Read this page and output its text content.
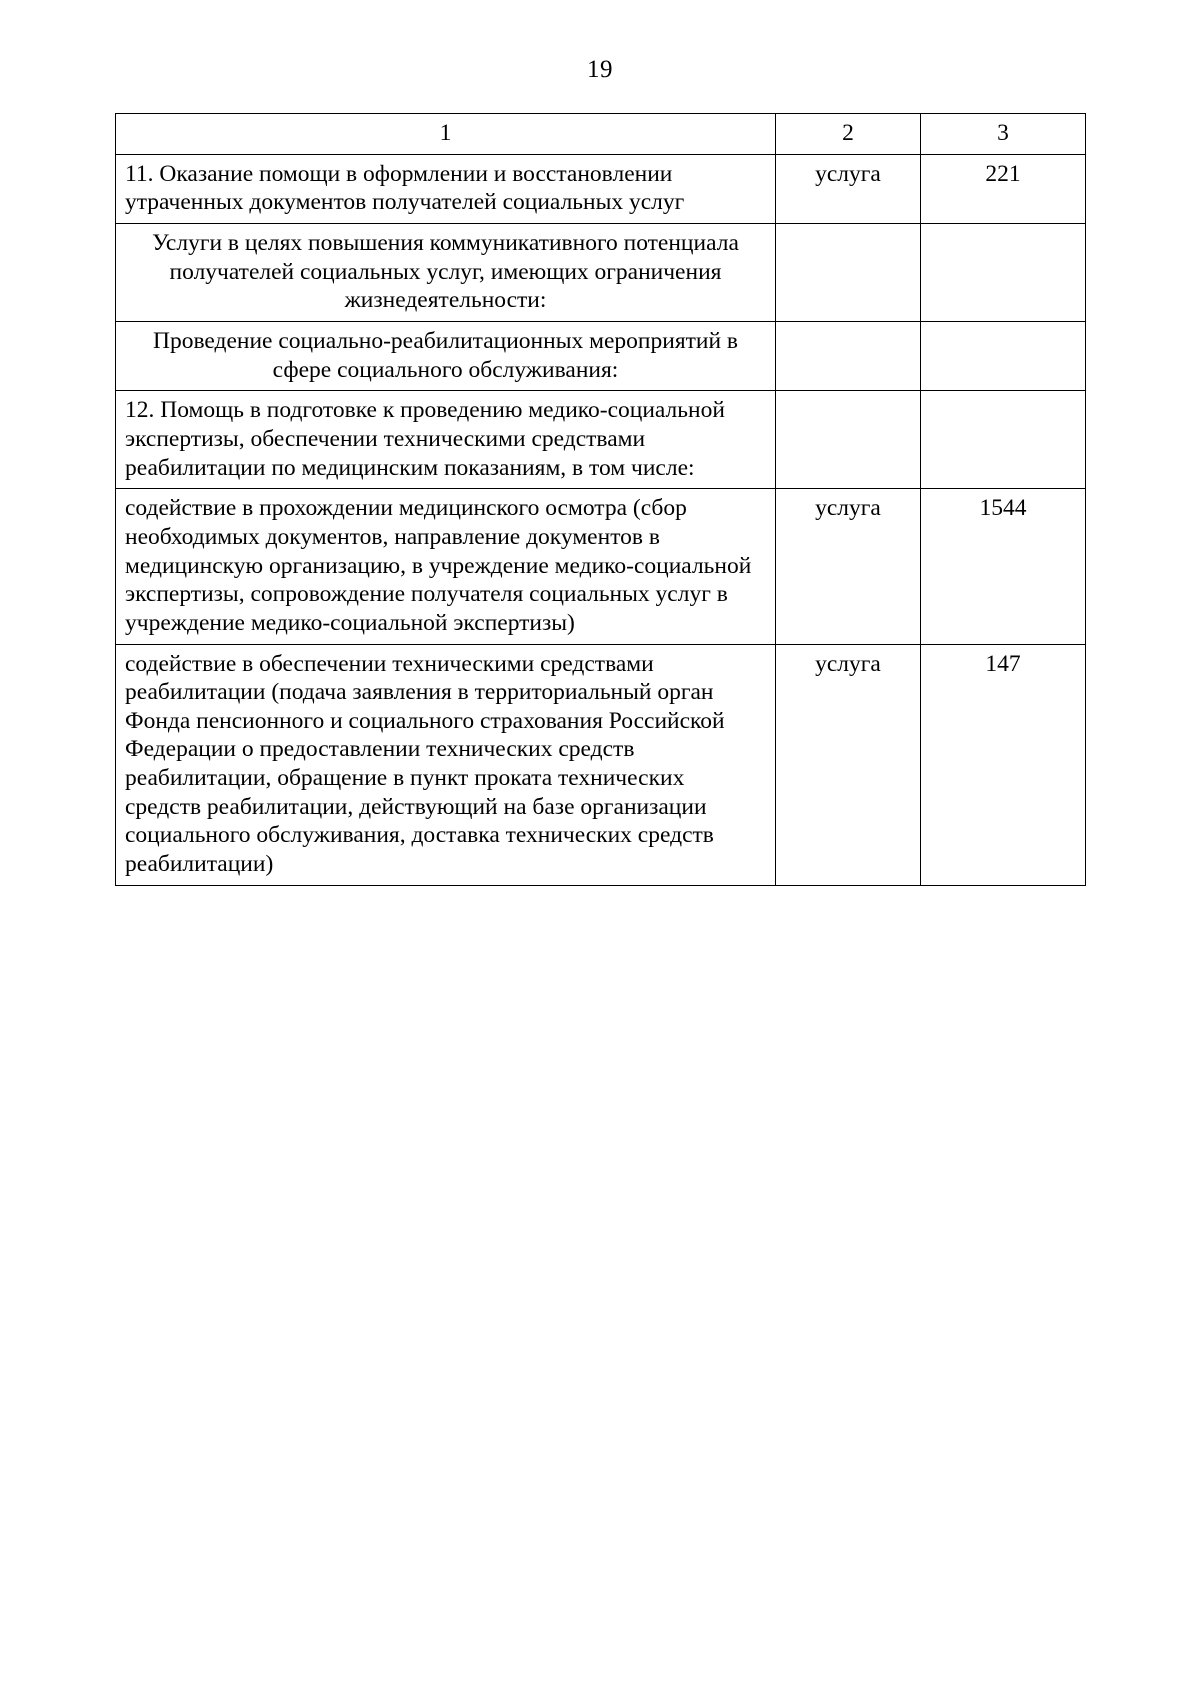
19
1	2	3
11. Оказание помощи в оформлении и восстановлении утраченных документов получателей социальных услуг	услуга	221
Услуги в целях повышения коммуникативного потенциала получателей социальных услуг, имеющих ограничения жизнедеятельности:		
Проведение социально-реабилитационных мероприятий в сфере социального обслуживания:		
12. Помощь в подготовке к проведению медико-социальной экспертизы, обеспечении техническими средствами реабилитации по медицинским показаниям, в том числе:		
содействие в прохождении медицинского осмотра (сбор необходимых документов, направление документов в медицинскую организацию, в учреждение медико-социальной экспертизы, сопровождение получателя социальных услуг в учреждение медико-социальной экспертизы)	услуга	1544
содействие в обеспечении техническими средствами реабилитации (подача заявления в территориальный орган Фонда пенсионного и социального страхования Российской Федерации о предоставлении технических средств реабилитации, обращение в пункт проката технических средств реабилитации, действующий на базе организации социального обслуживания, доставка технических средств реабилитации)	услуга	147
